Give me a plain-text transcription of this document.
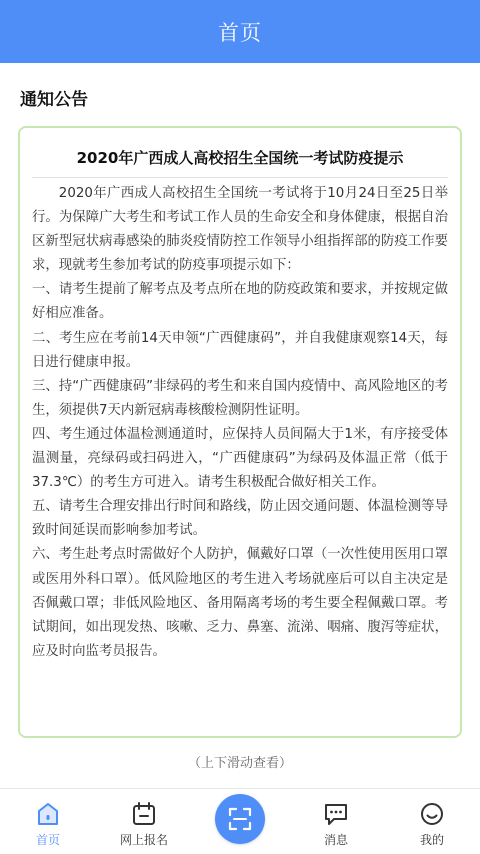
首页
通知公告
2020年广西成人高校招生全国统一考试防疫提示

2020年广西成人高校招生全国统一考试将于10月24日至25日举行。为保障广大考生和考试工作人员的生命安全和身体健康，根据自治区新型冠状病毒感染的肺炎疫情防控工作领导小组指挥部的防疫工作要求，现就考生参加考试的防疫事项提示如下：

一、请考生提前了解考点及考点所在地的防疫政策和要求，并按规定做好相应准备。

二、考生应在考前14天申领“广西健康码”，并自我健康观察14天，每日进行健康申报。

三、持“广西健康码”非绿码的考生和来自国内疫情中、高风险地区的考生，须提供7天内新冠病毒核酸检测阴性证明。

四、考生通过体温检测通道时，应保持人员间隔大于1米，有序接受体温测量，亮绿码或扫码进入，“广西健康码”为绿码及体温正常（低于37.3℃）的考生方可进入。请考生积极配合做好相关工作。

五、请考生合理安排出行时间和路线，防止因交通问题、体温检测等导致时间延误而影响参加考试。

六、考生赴考点时需做好个人防护，佩戴好口罩（一次性使用医用口罩或医用外科口罩）。低风险地区的考生进入考场就座后可以自主决定是否佩戴口罩；非低风险地区、备用隔离考场的考生要全程佩戴口罩。考试期间，如出现发热、咳嗽、乏力、鼻塞、流涕、咽痛、腹泻等症状，应及时向监考员报告。

（上下滑动查看）
首页	网上报名	消息	我的
